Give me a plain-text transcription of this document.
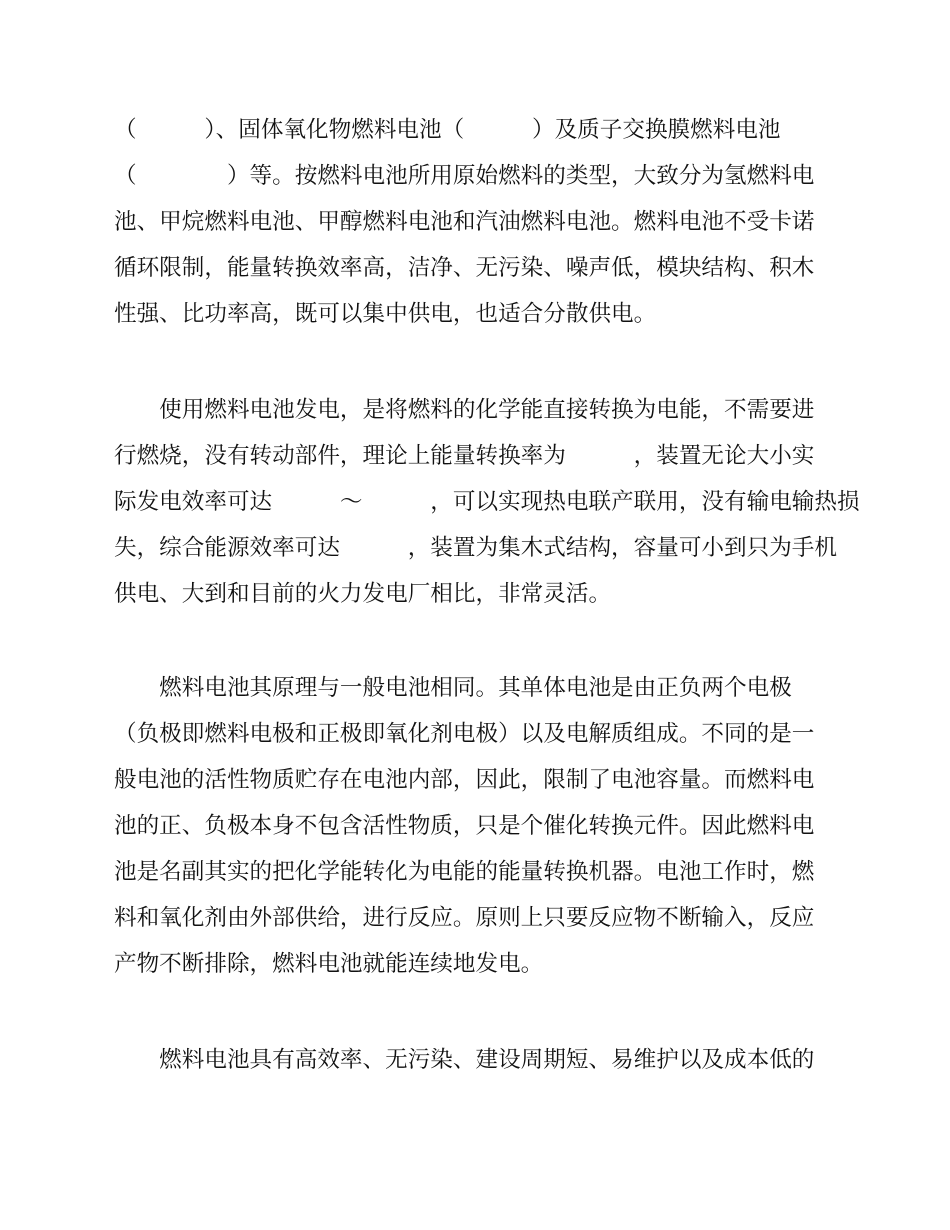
（　　　）、固体氧化物燃料电池（　　　）及质子交换膜燃料电池
（　　　　）等。按燃料电池所用原始燃料的类型，大致分为氢燃料电
池、甲烷燃料电池、甲醇燃料电池和汽油燃料电池。燃料电池不受卡诺
循环限制，能量转换效率高，洁净、无污染、噪声低，模块结构、积木
性强、比功率高，既可以集中供电，也适合分散供电。
　　使用燃料电池发电，是将燃料的化学能直接转换为电能，不需要进
行燃烧，没有转动部件，理论上能量转换率为　　　，装置无论大小实
际发电效率可达　　　～　　　，可以实现热电联产联用，没有输电输热损
失，综合能源效率可达　　　，装置为集木式结构，容量可小到只为手机
供电、大到和目前的火力发电厂相比，非常灵活。
　　燃料电池其原理与一般电池相同。其单体电池是由正负两个电极
（负极即燃料电极和正极即氧化剂电极）以及电解质组成。不同的是一
般电池的活性物质贮存在电池内部，因此，限制了电池容量。而燃料电
池的正、负极本身不包含活性物质，只是个催化转换元件。因此燃料电
池是名副其实的把化学能转化为电能的能量转换机器。电池工作时，燃
料和氧化剂由外部供给，进行反应。原则上只要反应物不断输入，反应
产物不断排除，燃料电池就能连续地发电。
　　燃料电池具有高效率、无污染、建设周期短、易维护以及成本低的
